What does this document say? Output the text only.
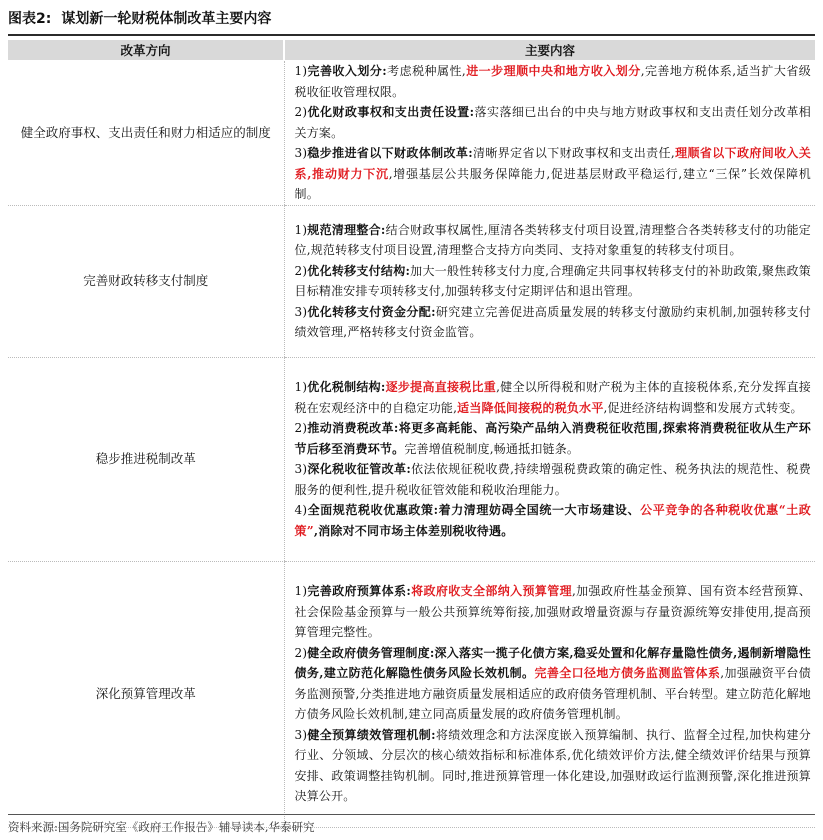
图表2: 谋划新一轮财税体制改革主要内容
改革方向	主要内容
健全政府事权、支出责任和财力相适应的制度	1)完善收入划分:考虑税种属性,进一步理顺中央和地方收入划分,完善地方税体系,适当扩大省级税收征收管理权限。

2)优化财政事权和支出责任设置:落实落细已出台的中央与地方财政事权和支出责任划分改革相关方案。

3)稳步推进省以下财政体制改革:清晰界定省以下财政事权和支出责任,理顺省以下政府间收入关系,推动财力下沉,增强基层公共服务保障能力,促进基层财政平稳运行,建立“三保”长效保障机制。

完善财政转移支付制度	1)规范清理整合:结合财政事权属性,厘清各类转移支付项目设置,清理整合各类转移支付的功能定位,规范转移支付项目设置,清理整合支持方向类同、支持对象重复的转移支付项目。

2)优化转移支付结构:加大一般性转移支付力度,合理确定共同事权转移支付的补助政策,聚焦政策目标精准安排专项转移支付,加强转移支付定期评估和退出管理。

3)优化转移支付资金分配:研究建立完善促进高质量发展的转移支付激励约束机制,加强转移支付绩效管理,严格转移支付资金监管。

稳步推进税制改革	1)优化税制结构:逐步提高直接税比重,健全以所得税和财产税为主体的直接税体系,充分发挥直接税在宏观经济中的自稳定功能,适当降低间接税的税负水平,促进经济结构调整和发展方式转变。

2)推动消费税改革:将更多高耗能、高污染产品纳入消费税征收范围,探索将消费税征收从生产环节后移至消费环节。完善增值税制度,畅通抵扣链条。

3)深化税收征管改革:依法依规征税收费,持续增强税费政策的确定性、税务执法的规范性、税费服务的便利性,提升税收征管效能和税收治理能力。

4)全面规范税收优惠政策:着力清理妨碍全国统一大市场建设、公平竞争的各种税收优惠“土政策”,消除对不同市场主体差别税收待遇。

深化预算管理改革	1)完善政府预算体系:将政府收支全部纳入预算管理,加强政府性基金预算、国有资本经营预算、社会保险基金预算与一般公共预算统筹衔接,加强财政增量资源与存量资源统筹安排使用,提高预算管理完整性。

2)健全政府债务管理制度:深入落实一揽子化债方案,稳妥处置和化解存量隐性债务,遏制新增隐性债务,建立防范化解隐性债务风险长效机制。完善全口径地方债务监测监管体系,加强融资平台债务监测预警,分类推进地方融资质量发展相适应的政府债务管理机制、平台转型。建立防范化解地方债务风险长效机制,建立同高质量发展的政府债务管理机制。

3)健全预算绩效管理机制:将绩效理念和方法深度嵌入预算编制、执行、监督全过程,加快构建分行业、分领域、分层次的核心绩效指标和标准体系,优化绩效评价方法,健全绩效评价结果与预算安排、政策调整挂钩机制。同时,推进预算管理一体化建设,加强财政运行监测预警,深化推进预算决算公开。

资料来源:国务院研究室《政府工作报告》辅导读本,华泰研究
